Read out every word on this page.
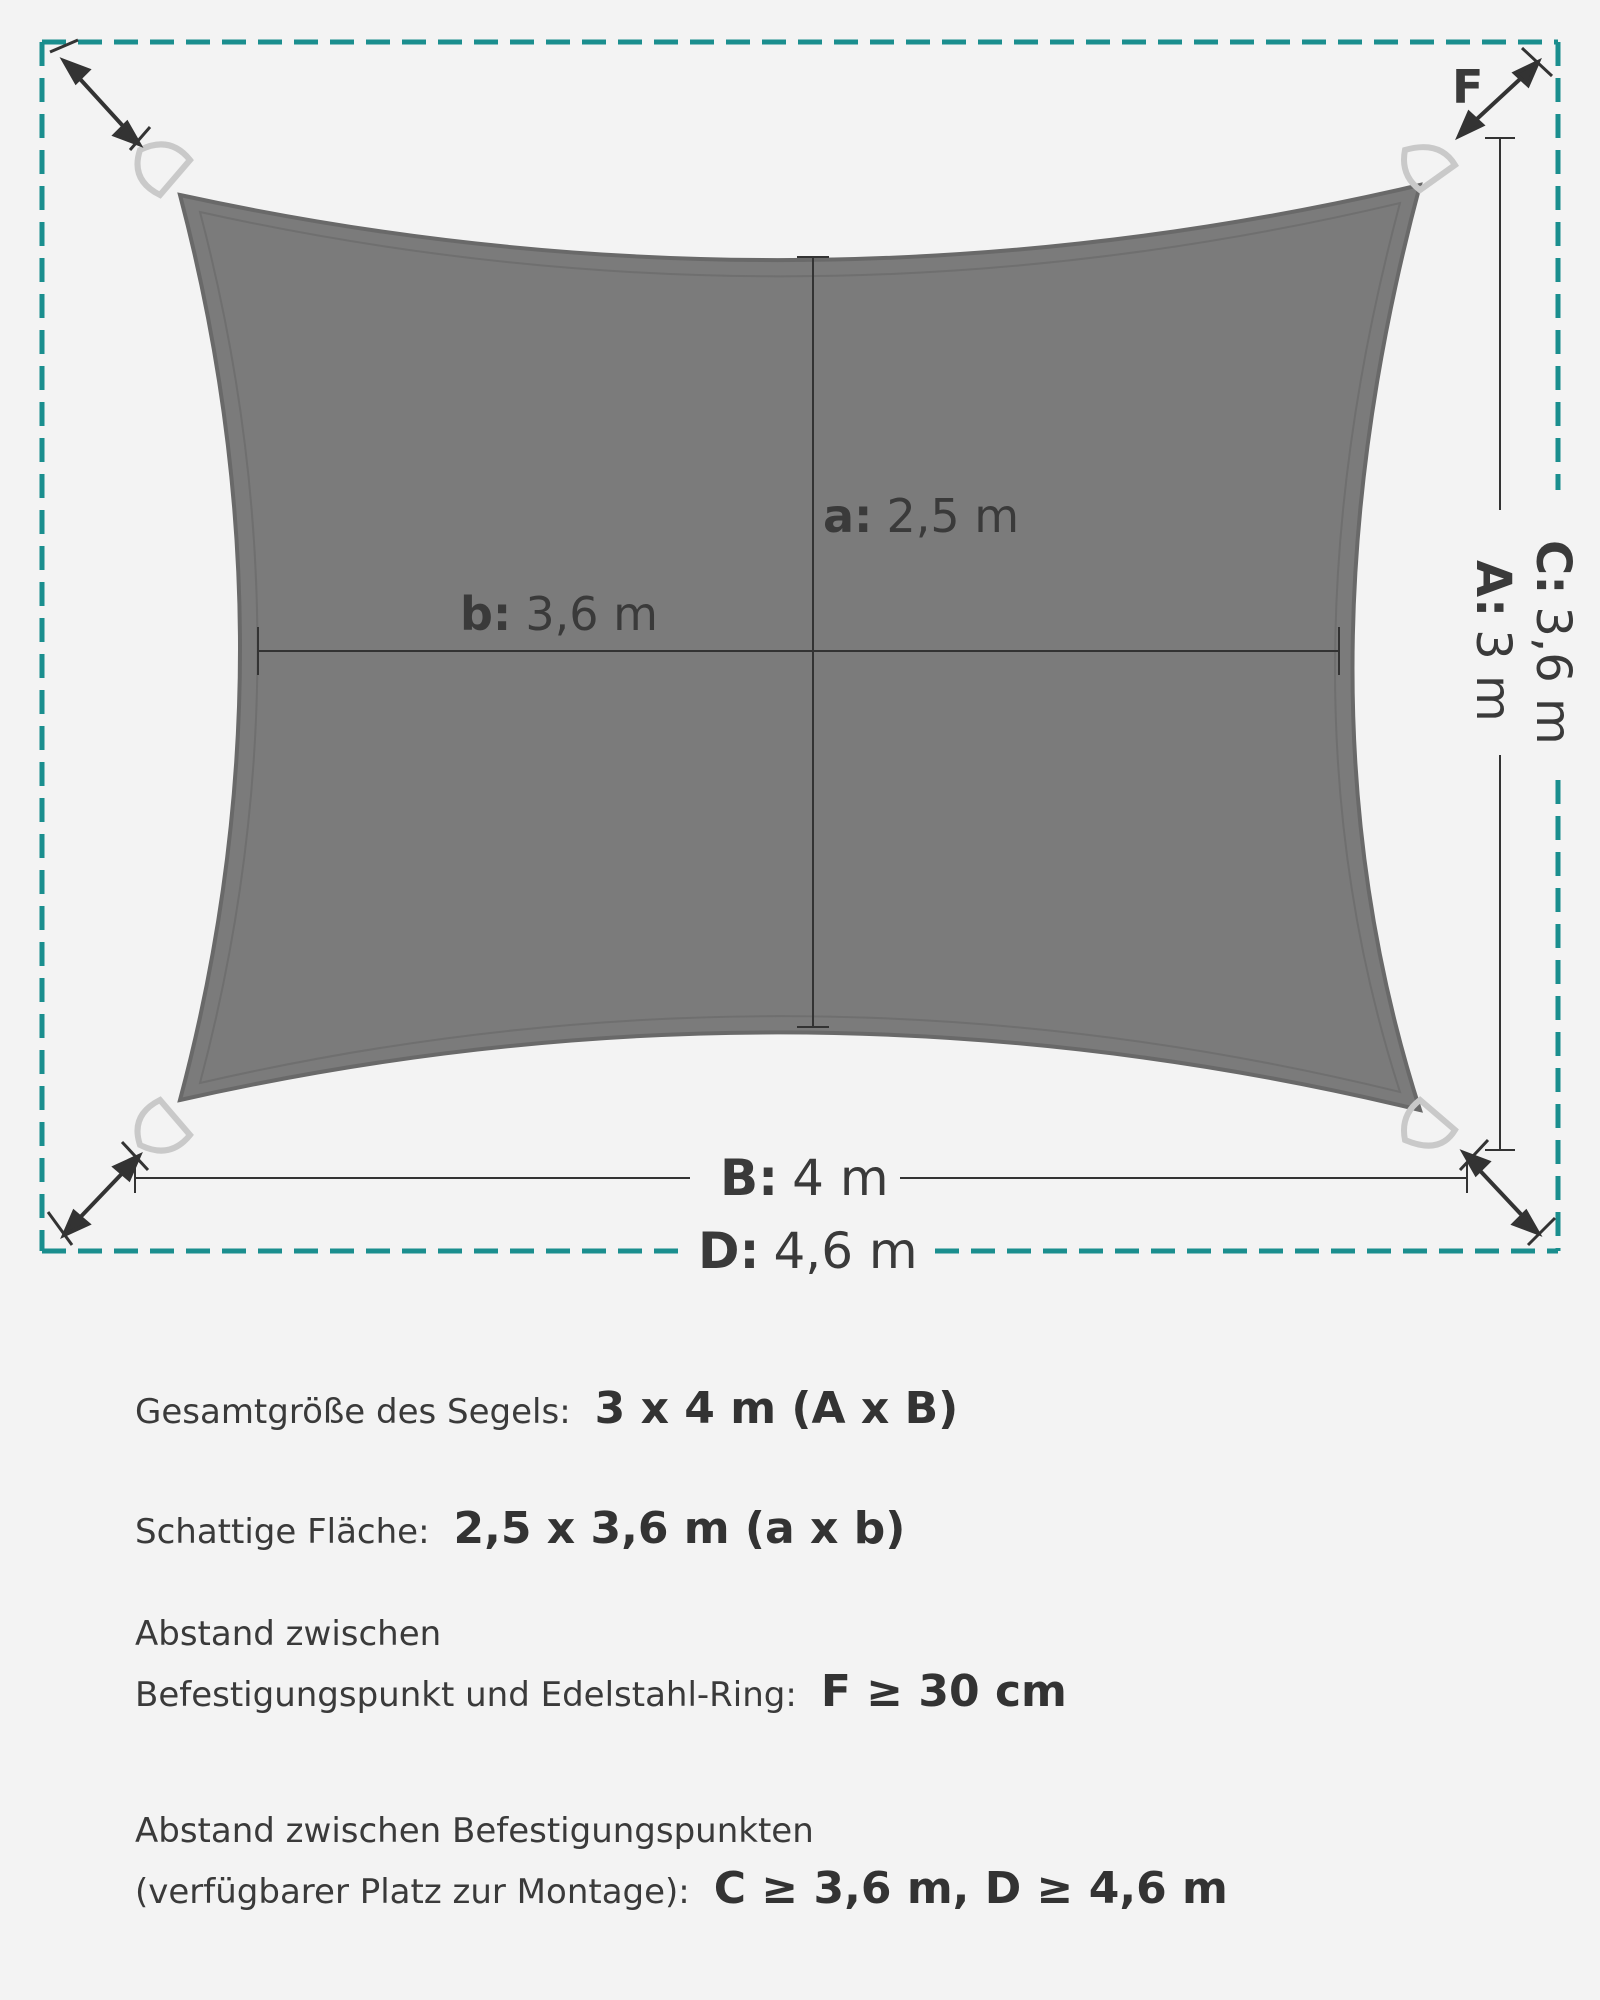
a: 2,5 m
b: 3,6 m
B: 4 m
D: 4,6 m
F
A:3 m
C:3,6 m
Gesamtgröße des Segels: 3 x 4 m (A x B)
Schattige Fläche: 2,5 x 3,6 m (a x b)
Abstand zwischen
Befestigungspunkt und Edelstahl-Ring: F ≥ 30 cm
Abstand zwischen Befestigungspunkten
(verfügbarer Platz zur Montage): C ≥ 3,6 m, D ≥ 4,6 m
